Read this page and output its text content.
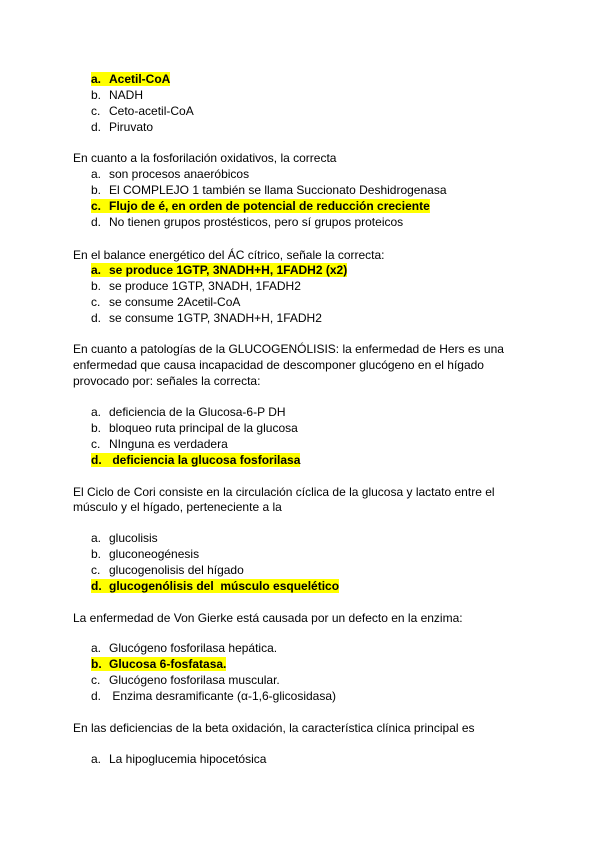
a. Acetil-CoA
b. NADH
c. Ceto-acetil-CoA
d. Piruvato
En cuanto a la fosforilación oxidativos, la correcta
a. son procesos anaeróbicos
b. El COMPLEJO 1 también se llama Succionato Deshidrogenasa
c. Flujo de é, en orden de potencial de reducción creciente
d. No tienen grupos prostésticos, pero sí grupos proteicos
En el balance energético del ÁC cítrico, señale la correcta:
a. se produce 1GTP, 3NADH+H, 1FADH2 (x2)
b. se produce 1GTP, 3NADH, 1FADH2
c. se consume 2Acetil-CoA
d. se consume 1GTP, 3NADH+H, 1FADH2
En cuanto a patologías de la GLUCOGENÓLISIS: la enfermedad de Hers es una
enfermedad que causa incapacidad de descomponer glucógeno en el hígado
provocado por: señales la correcta:
a. deficiencia de la Glucosa-6-P DH
b. bloqueo ruta principal de la glucosa
c. NInguna es verdadera
d. deficiencia la glucosa fosforilasa
El Ciclo de Cori consiste en la circulación cíclica de la glucosa y lactato entre el
músculo y el hígado, perteneciente a la
a. glucolisis
b. gluconeogénesis
c. glucogenolisis del hígado
d. glucogenólisis del  músculo esquelético
La enfermedad de Von Gierke está causada por un defecto en la enzima:
a. Glucógeno fosforilasa hepática.
b. Glucosa 6-fosfatasa.
c. Glucógeno fosforilasa muscular.
d. Enzima desramificante (α-1,6-glicosidasa)
En las deficiencias de la beta oxidación, la característica clínica principal es
a. La hipoglucemia hipocetósica
